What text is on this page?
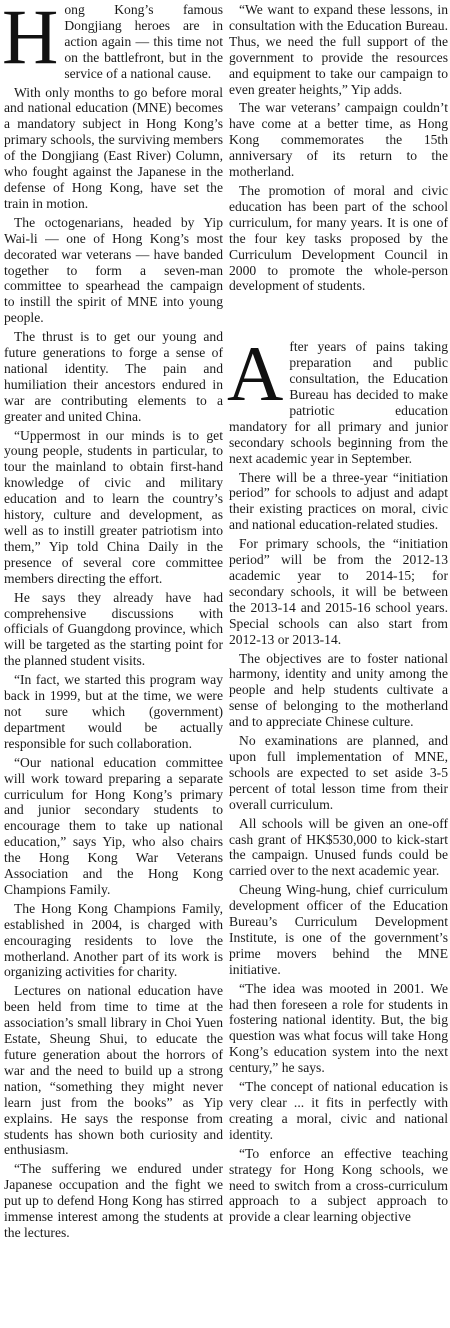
H ong Kong’s famous Dongjiang heroes are in action again — this time not on the battlefront, but in the service of a national cause.

With only months to go before moral and national education (MNE) becomes a mandatory subject in Hong Kong’s primary schools, the surviving members of the Dongjiang (East River) Column, who fought against the Japanese in the defense of Hong Kong, have set the train in motion.

The octogenarians, headed by Yip Wai-li — one of Hong Kong’s most decorated war veterans — have banded together to form a seven-man committee to spearhead the campaign to instill the spirit of MNE into young people.

The thrust is to get our young and future generations to forge a sense of national identity. The pain and humiliation their ancestors endured in war are contributing elements to a greater and united China.

“Uppermost in our minds is to get young people, students in particular, to tour the mainland to obtain first-hand knowledge of civic and military education and to learn the country’s history, culture and development, as well as to instill greater patriotism into them,” Yip told China Daily in the presence of several core committee members directing the effort.

He says they already have had comprehensive discussions with officials of Guangdong province, which will be targeted as the starting point for the planned student visits.

“In fact, we started this program way back in 1999, but at the time, we were not sure which (government) department would be actually responsible for such collaboration.

“Our national education committee will work toward preparing a separate curriculum for Hong Kong’s primary and junior secondary students to encourage them to take up national education,” says Yip, who also chairs the Hong Kong War Veterans Association and the Hong Kong Champions Family.

The Hong Kong Champions Family, established in 2004, is charged with encouraging residents to love the motherland. Another part of its work is organizing activities for charity.

Lectures on national education have been held from time to time at the association’s small library in Choi Yuen Estate, Sheung Shui, to educate the future generation about the horrors of war and the need to build up a strong nation, “something they might never learn just from the books” as Yip explains. He says the response from students has shown both curiosity and enthusiasm.

“The suffering we endured under Japanese occupation and the fight we put up to defend Hong Kong has stirred immense interest among the students at the lectures.

“We want to expand these lessons, in consultation with the Education Bureau. Thus, we need the full support of the government to provide the resources and equipment to take our campaign to even greater heights,” Yip adds.

The war veterans’ campaign couldn’t have come at a better time, as Hong Kong commemorates the 15th anniversary of its return to the motherland.

The promotion of moral and civic education has been part of the school curriculum, for many years. It is one of the four key tasks proposed by the Curriculum Development Council in 2000 to promote the whole-person development of students.

A fter years of pains taking preparation and public consultation, the Education Bureau has decided to make patriotic education mandatory for all primary and junior secondary schools beginning from the next academic year in September.

There will be a three-year “initiation period” for schools to adjust and adapt their existing practices on moral, civic and national education-related studies.

For primary schools, the “initiation period” will be from the 2012-13 academic year to 2014-15; for secondary schools, it will be between the 2013-14 and 2015-16 school years. Special schools can also start from 2012-13 or 2013-14.

The objectives are to foster national harmony, identity and unity among the people and help students cultivate a sense of belonging to the motherland and to appreciate Chinese culture.

No examinations are planned, and upon full implementation of MNE, schools are expected to set aside 3-5 percent of total lesson time from their overall curriculum.

All schools will be given an one-off cash grant of HK$530,000 to kick-start the campaign. Unused funds could be carried over to the next academic year.

Cheung Wing-hung, chief curriculum development officer of the Education Bureau’s Curriculum Development Institute, is one of the government’s prime movers behind the MNE initiative.

“The idea was mooted in 2001. We had then foreseen a role for students in fostering national identity. But, the big question was what focus will take Hong Kong’s education system into the next century,” he says.

“The concept of national education is very clear ... it fits in perfectly with creating a moral, civic and national identity.

“To enforce an effective teaching strategy for Hong Kong schools, we need to switch from a cross-curriculum approach to a subject approach to provide a clear learning objective
